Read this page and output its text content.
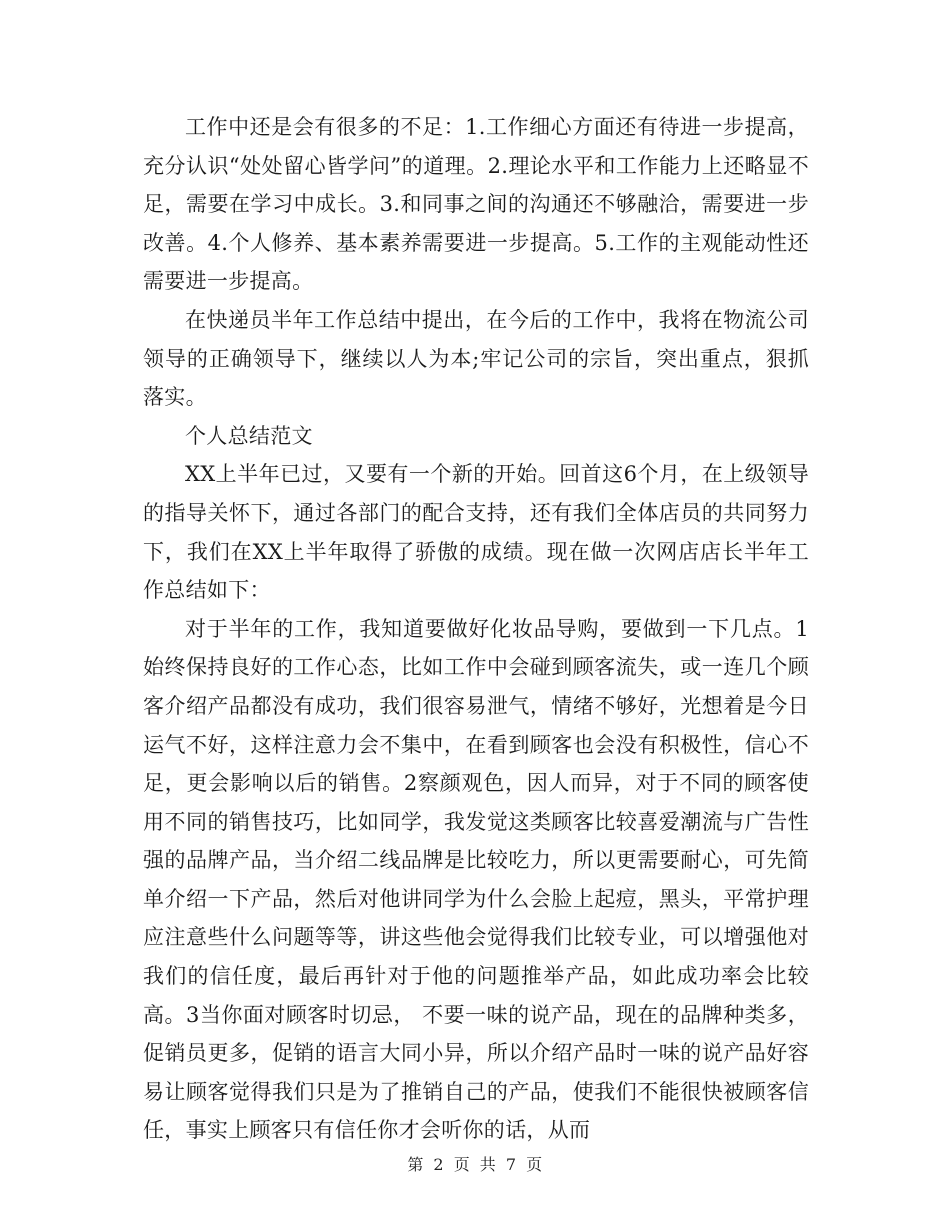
工作中还是会有很多的不足：1.工作细心方面还有待进一步提高，充分认识“处处留心皆学问”的道理。2.理论水平和工作能力上还略显不足，需要在学习中成长。3.和同事之间的沟通还不够融洽，需要进一步改善。4.个人修养、基本素养需要进一步提高。5.工作的主观能动性还需要进一步提高。

在快递员半年工作总结中提出，在今后的工作中，我将在物流公司领导的正确领导下，继续以人为本;牢记公司的宗旨，突出重点，狠抓落实。

个人总结范文

XX上半年已过，又要有一个新的开始。回首这6个月，在上级领导的指导关怀下，通过各部门的配合支持，还有我们全体店员的共同努力下，我们在XX上半年取得了骄傲的成绩。现在做一次网店店长半年工作总结如下：

对于半年的工作，我知道要做好化妆品导购，要做到一下几点。1始终保持良好的工作心态，比如工作中会碰到顾客流失，或一连几个顾客介绍产品都没有成功，我们很容易泄气，情绪不够好，光想着是今日运气不好，这样注意力会不集中，在看到顾客也会没有积极性，信心不足，更会影响以后的销售。2察颜观色，因人而异，对于不同的顾客使用不同的销售技巧，比如同学，我发觉这类顾客比较喜爱潮流与广告性强的品牌产品，当介绍二线品牌是比较吃力，所以更需要耐心，可先简单介绍一下产品，然后对他讲同学为什么会脸上起痘，黑头，平常护理应注意些什么问题等等，讲这些他会觉得我们比较专业，可以增强他对我们的信任度，最后再针对于他的问题推举产品，如此成功率会比较高。3当你面对顾客时切忌， 不要一味的说产品，现在的品牌种类多，促销员更多，促销的语言大同小异，所以介绍产品时一味的说产品好容易让顾客觉得我们只是为了推销自己的产品，使我们不能很快被顾客信任，事实上顾客只有信任你才会听你的话，从而

第 2 页 共 7 页
